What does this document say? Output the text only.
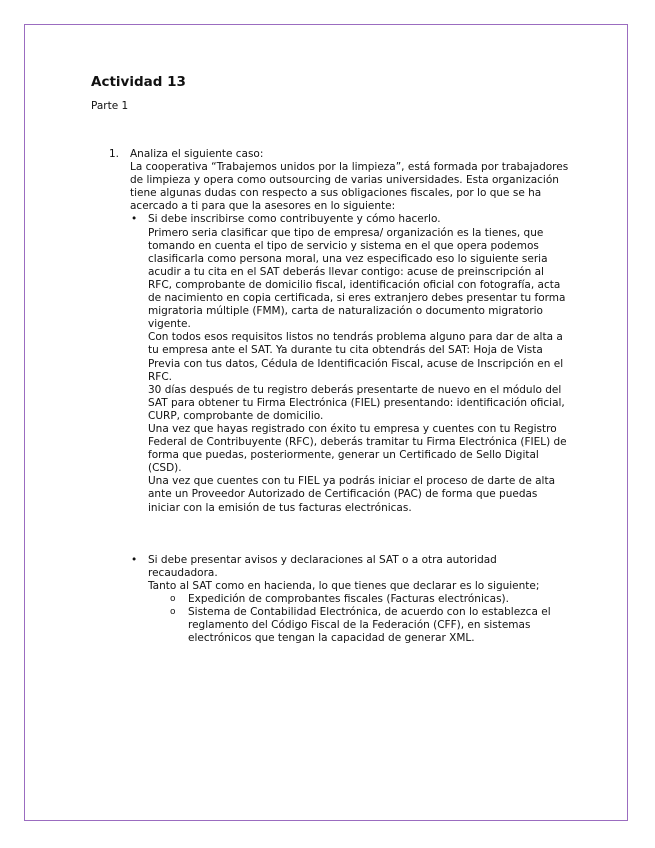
Actividad 13

Parte 1

1. Analiza el siguiente caso:

La cooperativa “Trabajemos unidos por la limpieza”, está formada por trabajadores de limpieza y opera como outsourcing de varias universidades. Esta organización tiene algunas dudas con respecto a sus obligaciones fiscales, por lo que se ha acercado a ti para que la asesores en lo siguiente:

• Si debe inscribirse como contribuyente y cómo hacerlo.

Primero seria clasificar que tipo de empresa/ organización es la tienes, que tomando en cuenta el tipo de servicio y sistema en el que opera podemos clasificarla como persona moral, una vez especificado eso lo siguiente seria acudir a tu cita en el SAT deberás llevar contigo: acuse de preinscripción al RFC, comprobante de domicilio fiscal, identificación oficial con fotografía, acta de nacimiento en copia certificada, si eres extranjero debes presentar tu forma migratoria múltiple (FMM), carta de naturalización o documento migratorio vigente.

Con todos esos requisitos listos no tendrás problema alguno para dar de alta a tu empresa ante el SAT. Ya durante tu cita obtendrás del SAT: Hoja de Vista Previa con tus datos, Cédula de Identificación Fiscal, acuse de Inscripción en el RFC.

30 días después de tu registro deberás presentarte de nuevo en el módulo del SAT para obtener tu Firma Electrónica (FIEL) presentando: identificación oficial, CURP, comprobante de domicilio.

Una vez que hayas registrado con éxito tu empresa y cuentes con tu Registro Federal de Contribuyente (RFC), deberás tramitar tu Firma Electrónica (FIEL) de forma que puedas, posteriormente, generar un Certificado de Sello Digital (CSD).

Una vez que cuentes con tu FIEL ya podrás iniciar el proceso de darte de alta ante un Proveedor Autorizado de Certificación (PAC) de forma que puedas iniciar con la emisión de tus facturas electrónicas.

• Si debe presentar avisos y declaraciones al SAT o a otra autoridad recaudadora.

Tanto al SAT como en hacienda, lo que tienes que declarar es lo siguiente;

o Expedición de comprobantes fiscales (Facturas electrónicas).

o Sistema de Contabilidad Electrónica, de acuerdo con lo establezca el reglamento del Código Fiscal de la Federación (CFF), en sistemas electrónicos que tengan la capacidad de generar XML.
